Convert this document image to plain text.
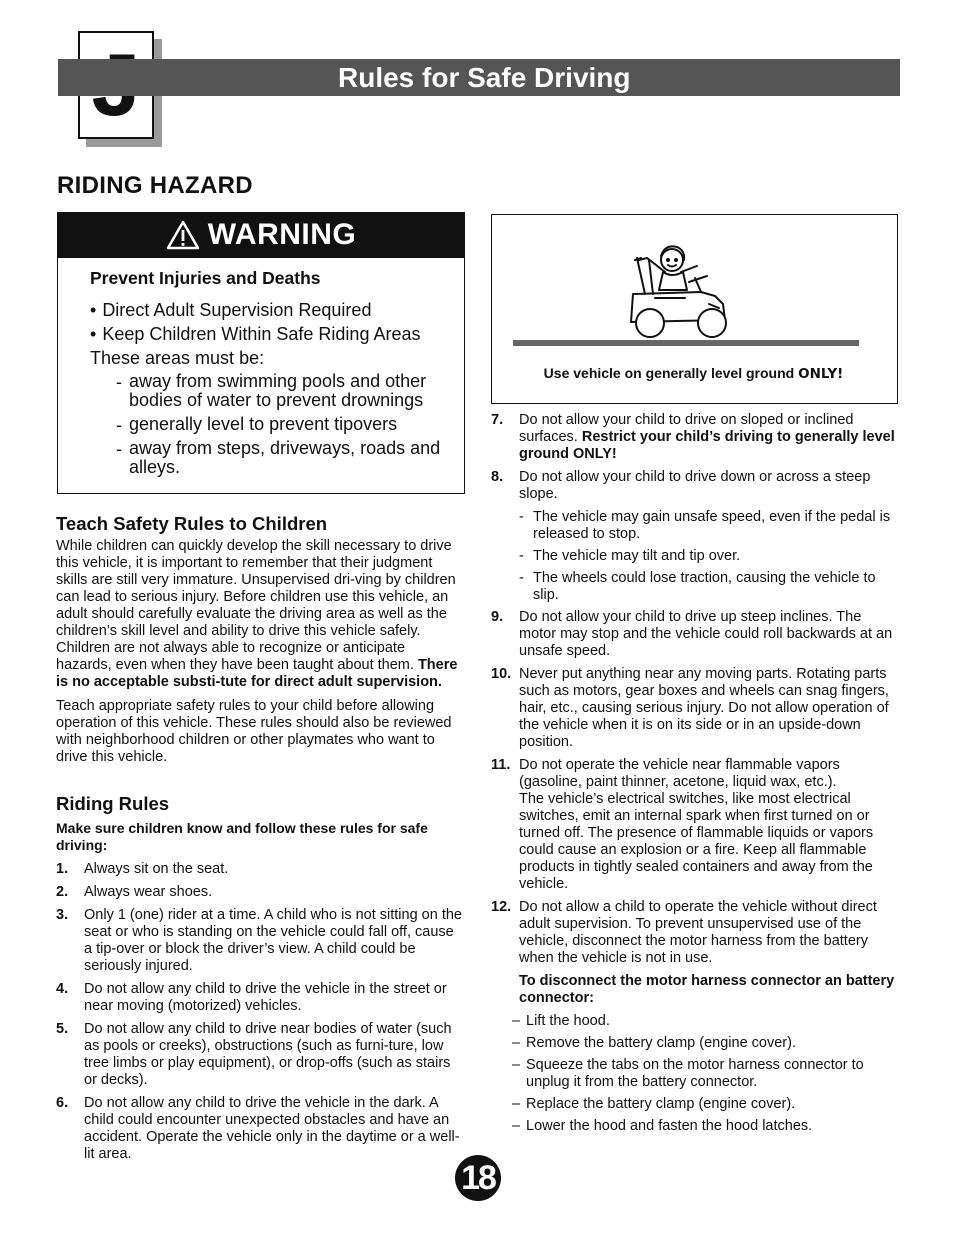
Rules for Safe Driving
RIDING HAZARD
WARNING
Prevent Injuries and Deaths
• Direct Adult Supervision Required
• Keep Children Within Safe Riding Areas
These areas must be:
- away from swimming pools and other bodies of water to prevent drownings
- generally level to prevent tipovers
- away from steps, driveways, roads and alleys.
Teach Safety Rules to Children

While children can quickly develop the skill necessary to drive this vehicle, it is important to remember that their judgment skills are still very immature. Unsupervised dri-ving by children can lead to serious injury. Before children use this vehicle, an adult should carefully evaluate the driving area as well as the children’s skill level and ability to drive this vehicle safely. Children are not always able to recognize or anticipate hazards, even when they have been taught about them. There is no acceptable substi-tute for direct adult supervision.

Teach appropriate safety rules to your child before allowing operation of this vehicle. These rules should also be reviewed with neighborhood children or other playmates who want to drive this vehicle.

Riding Rules
Make sure children know and follow these rules for safe driving:
1.	Always sit on the seat.
2.	Always wear shoes.
3.	Only 1 (one) rider at a time. A child who is not sitting on the seat or who is standing on the vehicle could fall off, cause a tip-over or block the driver’s view. A child could be seriously injured.
4.	Do not allow any child to drive the vehicle in the street or near moving (motorized) vehicles.
5.	Do not allow any child to drive near bodies of water (such as pools or creeks), obstructions (such as furni-ture, low tree limbs or play equipment), or drop-offs (such as stairs or decks).
6.	Do not allow any child to drive the vehicle in the dark. A child could encounter unexpected obstacles and have an accident. Operate the vehicle only in the daytime or a well-lit area.
Use vehicle on generally level ground ONLY!
7.	Do not allow your child to drive on sloped or inclined surfaces. Restrict your child’s driving to generally level ground ONLY!
8.	Do not allow your child to drive down or across a steep slope.
- The vehicle may gain unsafe speed, even if the pedal is released to stop.
- The vehicle may tilt and tip over.
- The wheels could lose traction, causing the vehicle to slip.
9.	Do not allow your child to drive up steep inclines. The motor may stop and the vehicle could roll backwards at an unsafe speed.
10. Never put anything near any moving parts. Rotating parts such as motors, gear boxes and wheels can snag fingers, hair, etc., causing serious injury. Do not allow operation of the vehicle when it is on its side or in an upside-down position.
11. Do not operate the vehicle near flammable vapors (gasoline, paint thinner, acetone, liquid wax, etc.).
The vehicle’s electrical switches, like most electrical switches, emit an internal spark when first turned on or turned off. The presence of flammable liquids or vapors could cause an explosion or a fire. Keep all flammable products in tightly sealed containers and away from the vehicle.
12. Do not allow a child to operate the vehicle without direct adult supervision. To prevent unsupervised use of the vehicle, disconnect the motor harness from the battery when the vehicle is not in use.
To disconnect the motor harness connector an battery connector:
– Lift the hood.
– Remove the battery clamp (engine cover).
– Squeeze the tabs on the motor harness connector to unplug it from the battery connector.
– Replace the battery clamp (engine cover).
– Lower the hood and fasten the hood latches.
18
